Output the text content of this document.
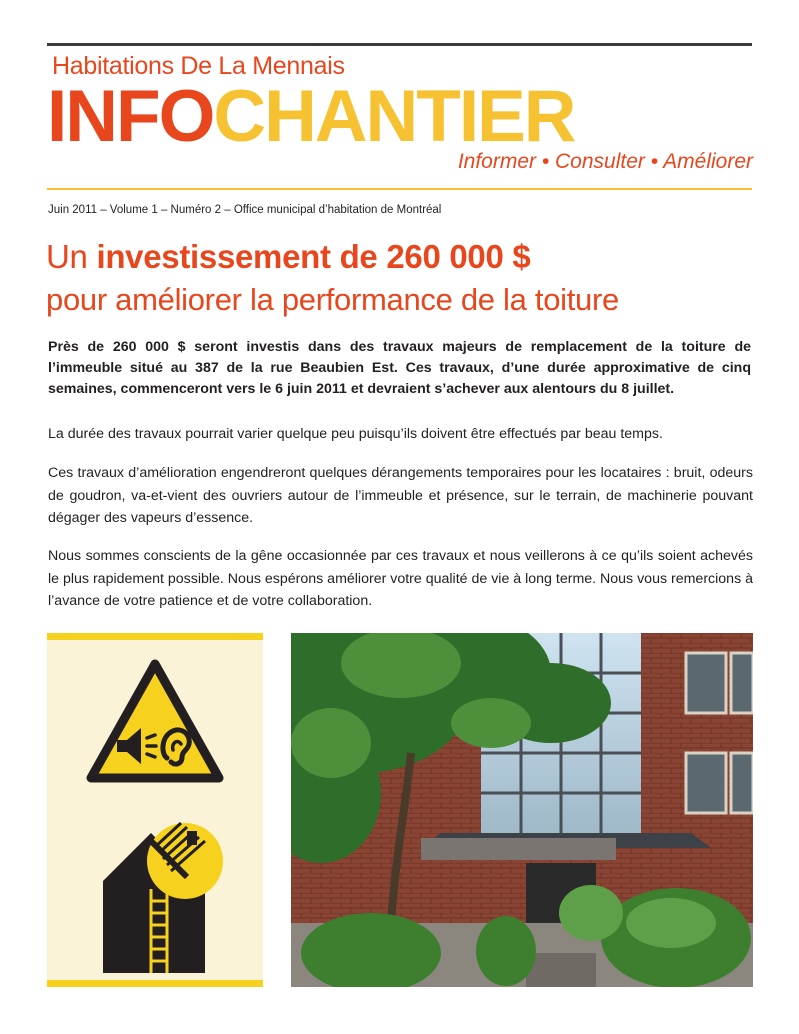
Habitations De La Mennais
INFOCHANTIER
Informer • Consulter • Améliorer
Juin 2011 – Volume 1 – Numéro 2 – Office municipal d’habitation de Montréal
Un investissement de 260 000 $
pour améliorer la performance de la toiture
Près de 260 000 $ seront investis dans des travaux majeurs de remplacement de la toiture de l’immeuble situé au 387 de la rue Beaubien Est. Ces travaux, d’une durée approximative de cinq semaines, commenceront vers le 6 juin 2011 et devraient s’achever aux alentours du 8 juillet.
La durée des travaux pourrait varier quelque peu puisqu’ils doivent être effectués par beau temps.
Ces travaux d’amélioration engendreront quelques dérangements temporaires pour les locataires : bruit, odeurs de goudron, va-et-vient des ouvriers autour de l’immeuble et présence, sur le terrain, de machinerie pouvant dégager des vapeurs d’essence.
Nous sommes conscients de la gêne occasionnée par ces travaux et nous veillerons à ce qu’ils soient achevés le plus rapidement possible. Nous espérons améliorer votre qualité de vie à long terme. Nous vous remercions à l’avance de votre patience et de votre collaboration.
